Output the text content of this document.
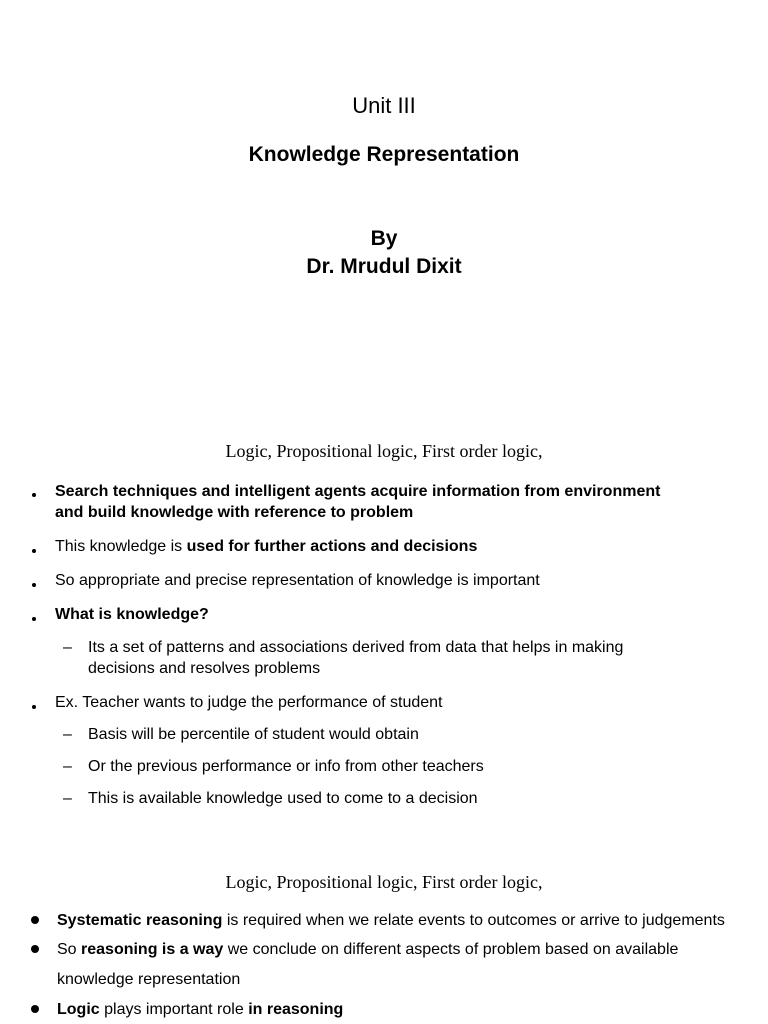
Unit III
Knowledge Representation
By
Dr. Mrudul Dixit
Logic, Propositional logic, First order logic,
Search techniques and intelligent agents acquire information from environment
and build knowledge with reference to problem
This knowledge is used for further actions and decisions
So appropriate and precise representation of knowledge is important
What is knowledge?
– Its a set of patterns and associations derived from data that helps in making
decisions and resolves problems
Ex. Teacher wants to judge the performance of student
– Basis will be percentile of student would obtain
– Or the previous performance or info from other teachers
– This is available knowledge used to come to a decision
Logic, Propositional logic, First order logic,
Systematic reasoning is required when we relate events to outcomes or arrive to judgements
So reasoning is a way we conclude on different aspects of problem based on available
knowledge representation
Logic plays important role in reasoning
